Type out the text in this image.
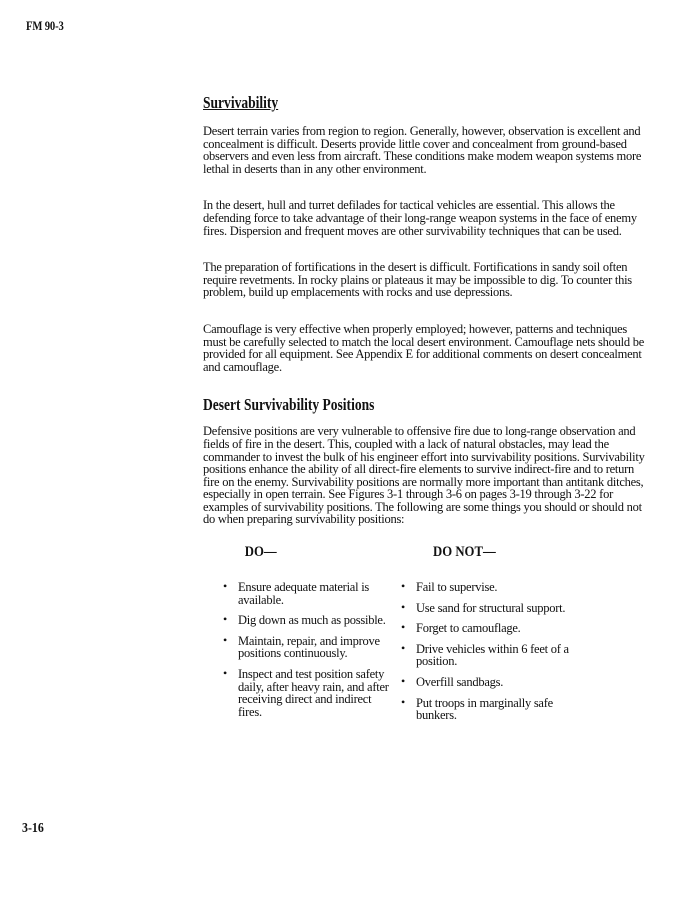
FM 90-3
Survivability

Desert terrain varies from region to region. Generally, however, observation is excellent and concealment is difficult. Deserts provide little cover and concealment from ground-based observers and even less from aircraft. These conditions make modem weapon systems more lethal in deserts than in any other environment.

In the desert, hull and turret defilades for tactical vehicles are essential. This allows the defending force to take advantage of their long-range weapon systems in the face of enemy fires. Dispersion and frequent moves are other survivability techniques that can be used.

The preparation of fortifications in the desert is difficult. Fortifications in sandy soil often require revetments. In rocky plains or plateaus it may be impossible to dig. To counter this problem, build up emplacements with rocks and use depressions.

Camouflage is very effective when properly employed; however, patterns and techniques must be carefully selected to match the local desert environment. Camouflage nets should be provided for all equipment. See Appendix E for additional comments on desert concealment and camouflage.

Desert Survivability Positions

Defensive positions are very vulnerable to offensive fire due to long-range observation and fields of fire in the desert. This, coupled with a lack of natural obstacles, may lead the commander to invest the bulk of his engineer effort into survivability positions. Survivability positions enhance the ability of all direct-fire elements to survive indirect-fire and to return fire on the enemy. Survivability positions are normally more important than antitank ditches, especially in open terrain. See Figures 3-1 through 3-6 on pages 3-19 through 3-22 for examples of survivability positions. The following are some things you should or should not do when preparing survivability positions:

DO—
• Ensure adequate material is available.
• Dig down as much as possible.
• Maintain, repair, and improve positions continuously.
• Inspect and test position safety daily, after heavy rain, and after receiving direct and indirect fires.
DO NOT—
• Fail to supervise.
• Use sand for structural support.
• Forget to camouflage.
• Drive vehicles within 6 feet of a position.
• Overfill sandbags.
• Put troops in marginally safe bunkers.
3-16
